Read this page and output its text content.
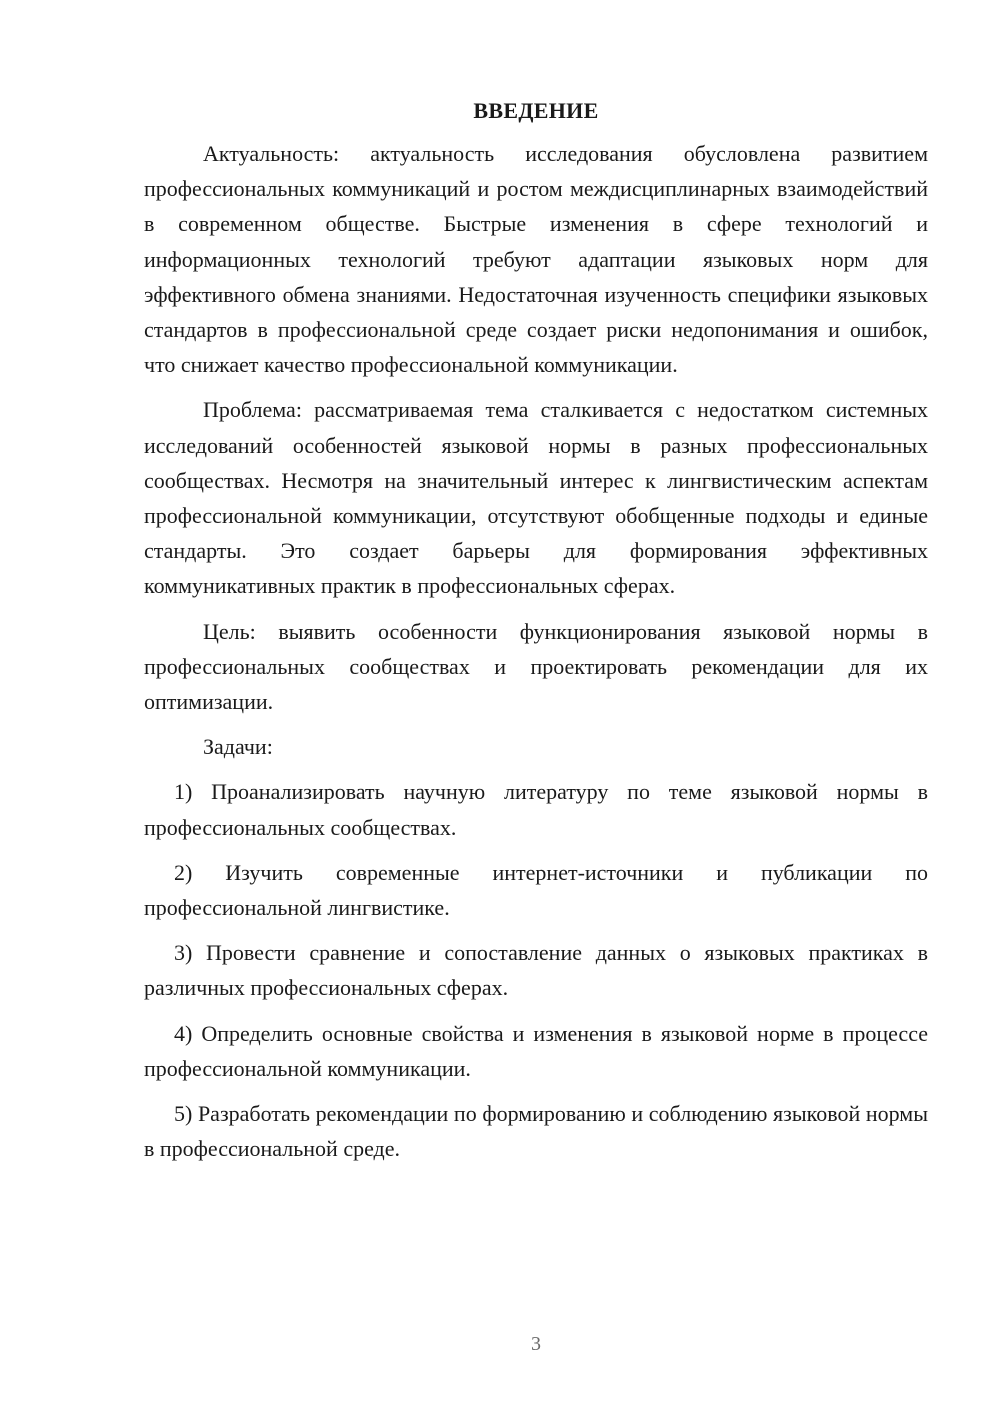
ВВЕДЕНИЕ

Актуальность: актуальность исследования обусловлена развитием профессиональных коммуникаций и ростом междисциплинарных взаимодействий в современном обществе. Быстрые изменения в сфере технологий и информационных технологий требуют адаптации языковых норм для эффективного обмена знаниями. Недостаточная изученность специфики языковых стандартов в профессиональной среде создает риски недопонимания и ошибок, что снижает качество профессиональной коммуникации.

Проблема: рассматриваемая тема сталкивается с недостатком системных исследований особенностей языковой нормы в разных профессиональных сообществах. Несмотря на значительный интерес к лингвистическим аспектам профессиональной коммуникации, отсутствуют обобщенные подходы и единые стандарты. Это создает барьеры для формирования эффективных коммуникативных практик в профессиональных сферах.

Цель: выявить особенности функционирования языковой нормы в профессиональных сообществах и проектировать рекомендации для их оптимизации.

Задачи:

1) Проанализировать научную литературу по теме языковой нормы в профессиональных сообществах.

2) Изучить современные интернет-источники и публикации по профессиональной лингвистике.

3) Провести сравнение и сопоставление данных о языковых практиках в различных профессиональных сферах.

4) Определить основные свойства и изменения в языковой норме в процессе профессиональной коммуникации.

5) Разработать рекомендации по формированию и соблюдению языковой нормы в профессиональной среде.

3
